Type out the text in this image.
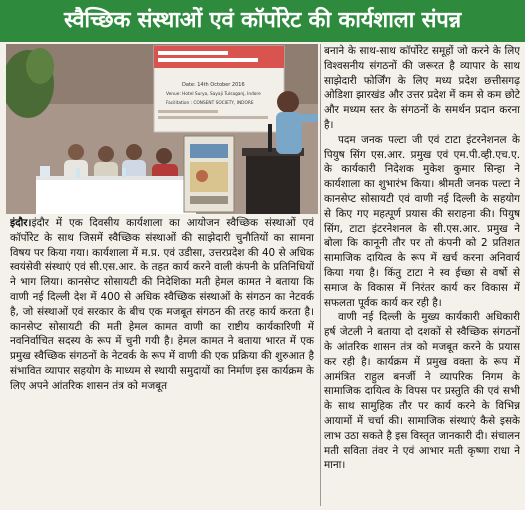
स्वैच्छिक संस्थाओं एवं कॉर्पोरेट की कार्यशाला संपन्न
Date: 14th October 2016
Venue: Hotel Surya, Sayaji Tulsaganj, Indore
Facilitation : CONSENT SOCIETY, INDORE

इंदौर।इंदौर में एक दिवसीय कार्यशाला का आयोजन स्वैच्छिक संस्थाओं एवं कॉर्पोरेट के साथ जिसमें स्वैच्छिक संस्थाओं की साझेदारी चुनौतियों का सामना विषय पर किया गया। कार्यशाला में म.प्र. एवं उडीसा, उत्तरप्रदेश की 40 से अधिक स्वयंसेवी संस्थाएं एवं सी.एस.आर. के तहत कार्य करने वाली कंपनी के प्रतिनिधियों ने भाग लिया। कानसेप्ट सोसायटी की निदेशिका मती हेमल कामत ने बताया कि वाणी नई दिल्ली देश में 400 से अधिक स्वैच्छिक संस्थाओं के संगठन का नेटवर्क है, जो संस्थाओं एवं सरकार के बीच एक मजबूत संगठन की तरह कार्य करता है। कानसेप्ट सोसायटी की मती हेमल कामत वाणी का राष्टीय कार्यकारिणी में नवनिर्वाचित सदस्य के रूप में चुनी गयी है। हेमल कामत ने बताया भारत में एक प्रमुख स्वैच्छिक संगठनों के नेटवर्क के रूप में वाणी की एक प्रक्रिया की शुरुआत है संभावित व्यापार सहयोग के माध्यम से स्थायी समुदायों का निर्माण इस कार्यक्रम के लिए अपने आंतरिक शासन तंत्र को मजबूत

बनाने के साथ-साथ कॉर्पोरेट समूहों जो करने के लिए विश्वसनीय संगठनों की जरूरत है व्यापार के साथ साझेदारी फोर्जिंग के लिए मध्य प्रदेश छत्तीसगढ़ ओडिशा झारखंड और उत्तर प्रदेश में कम से कम छोटे और मध्यम स्तर के संगठनों के समर्थन प्रदान करना है।

पदम जनक पल्टा जी एवं टाटा इंटरनेशनल के पियुष सिंग एस.आर. प्रमुख एवं एम.पी.व्ही.एच.ए. के कार्यकारी निदेशक मुकेश कुमार सिन्हा ने कार्यशाला का शुभारंभ किया। श्रीमती जनक पल्टा ने कानसेप्ट सोसायटी एवं वाणी नई दिल्ली के सहयोग से किए गए महत्पूर्ण प्रयास की सराहना की। पियुष सिंग, टाटा इंटरनेशनल के सी.एस.आर. प्रमुख ने बोला कि कानूनी तौर पर तो कंपनी को 2 प्रतिशत सामाजिक दायित्व के रूप में खर्च करना अनिवार्य किया गया है। किंतु टाटा ने स्व ईच्छा से वर्षो से समाज के विकास में निरंतर कार्य कर विकास में सफलता पूर्वक कार्य कर रही है।

वाणी नई दिल्ली के मुख्य कार्यकारी अधिकारी हर्ष जेटली ने बताया दो दशकों से स्वैच्छिक संगठनों के आंतरिक शासन तंत्र को मजबूत करने के प्रयास कर रही है। कार्यक्रम में प्रमुख वक्ता के रूप में आमंत्रित राहुल बनर्जी ने व्यापरिक निगम के सामाजिक दायित्व के विपस पर प्रस्तुति की एवं सभी के साथ सामुहिक तौर पर कार्य करने के विभिन्न आयामों में चर्चा की। सामाजिक संस्थाएं कैसे इसके लाभ उठा सकते है इस विस्तृत जानकारी दी। संचालन मती सविता तंवर ने एवं आभार मती कृष्णा राधा ने माना।
